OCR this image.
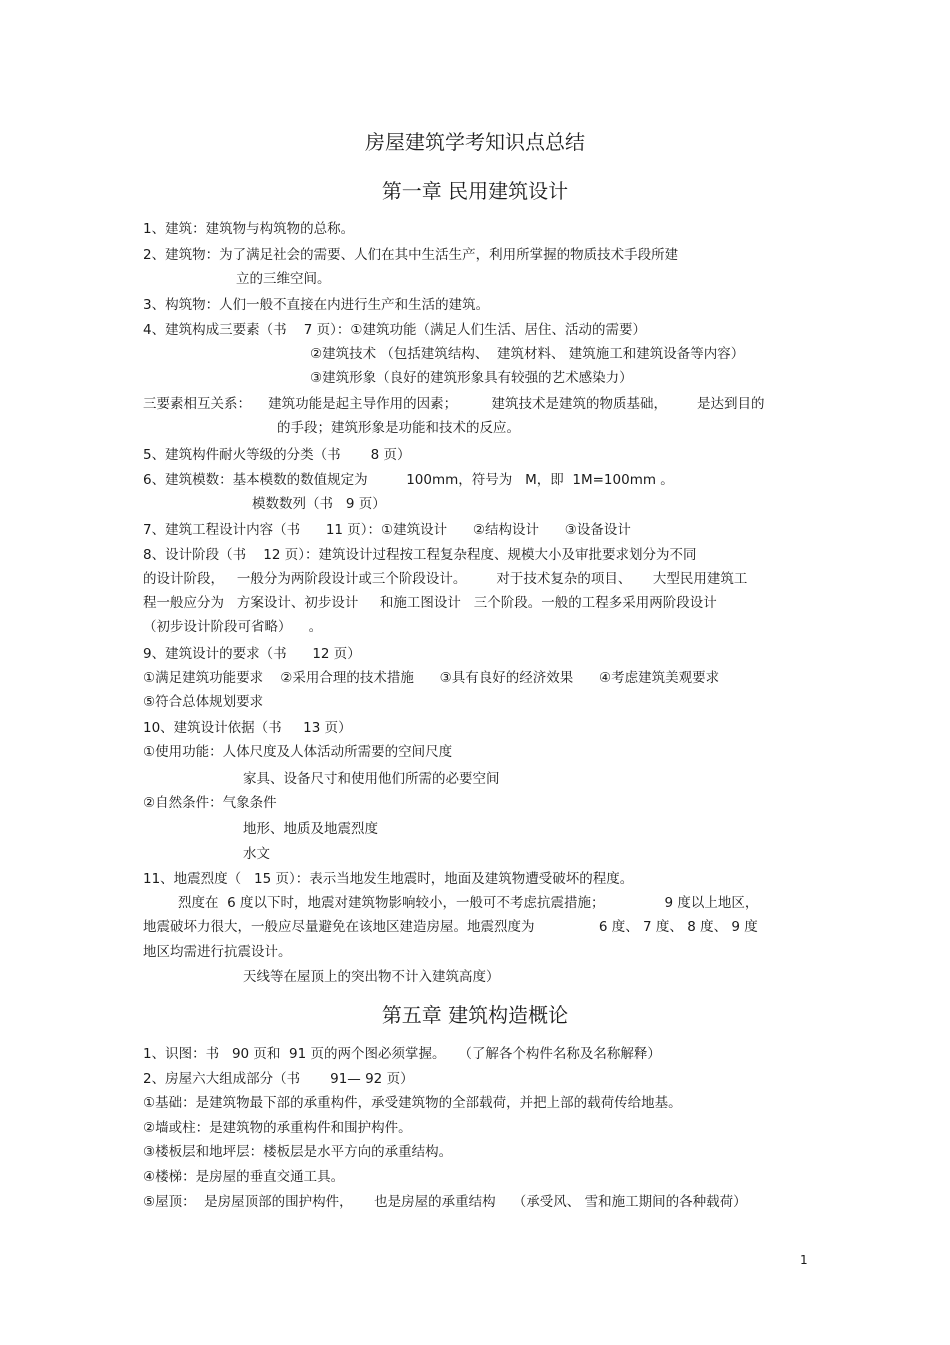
房屋建筑学考知识点总结
第一章 民用建筑设计
1、建筑：建筑物与构筑物的总称。
2、建筑物：为了满足社会的需要、人们在其中生活生产，利用所掌握的物质技术手段所建
立的三维空间。
3、构筑物：人们一般不直接在内进行生产和生活的建筑。
4、建筑构成三要素（书    7 页）：①建筑功能（满足人们生活、居住、活动的需要）
②建筑技术 （包括建筑结构、  建筑材料、 建筑施工和建筑设备等内容）
③建筑形象（良好的建筑形象具有较强的艺术感染力）
三要素相互关系：    建筑功能是起主导作用的因素；        建筑技术是建筑的物质基础，       是达到目的
的手段；建筑形象是功能和技术的反应。
5、建筑构件耐火等级的分类（书       8 页）
6、建筑模数：基本模数的数值规定为         100mm，符号为   M，即  1M=100mm 。
模数数列（书   9 页）
7、建筑工程设计内容（书      11 页）：①建筑设计      ②结构设计      ③设备设计
8、设计阶段（书    12 页）：建筑设计过程按工程复杂程度、规模大小及审批要求划分为不同
的设计阶段，   一般分为两阶段设计或三个阶段设计。       对于技术复杂的项目、     大型民用建筑工
程一般应分为   方案设计、初步设计     和施工图设计   三个阶段。一般的工程多采用两阶段设计
（初步设计阶段可省略）    。
9、建筑设计的要求（书      12 页）
①满足建筑功能要求    ②采用合理的技术措施      ③具有良好的经济效果      ④考虑建筑美观要求
⑤符合总体规划要求
10、建筑设计依据（书     13 页）
①使用功能：人体尺度及人体活动所需要的空间尺度
家具、设备尺寸和使用他们所需的必要空间
②自然条件：气象条件
地形、地质及地震烈度
水文
11、地震烈度（   15 页）：表示当地发生地震时，地面及建筑物遭受破坏的程度。
烈度在  6 度以下时，地震对建筑物影响较小，一般可不考虑抗震措施；              9 度以上地区，
地震破坏力很大，一般应尽量避免在该地区建造房屋。地震烈度为               6 度、 7 度、 8 度、 9 度
地区均需进行抗震设计。
天线等在屋顶上的突出物不计入建筑高度）
第五章 建筑构造概论
1、识图：书   90 页和  91 页的两个图必须掌握。   （了解各个构件名称及名称解释）
2、房屋六大组成部分（书       91— 92 页）
①基础：是建筑物最下部的承重构件，承受建筑物的全部载荷，并把上部的载荷传给地基。
②墙或柱：是建筑物的承重构件和围护构件。
③楼板层和地坪层：楼板层是水平方向的承重结构。
④楼梯：是房屋的垂直交通工具。
⑤屋顶：  是房屋顶部的围护构件，     也是房屋的承重结构    （承受风、 雪和施工期间的各种载荷）
1
